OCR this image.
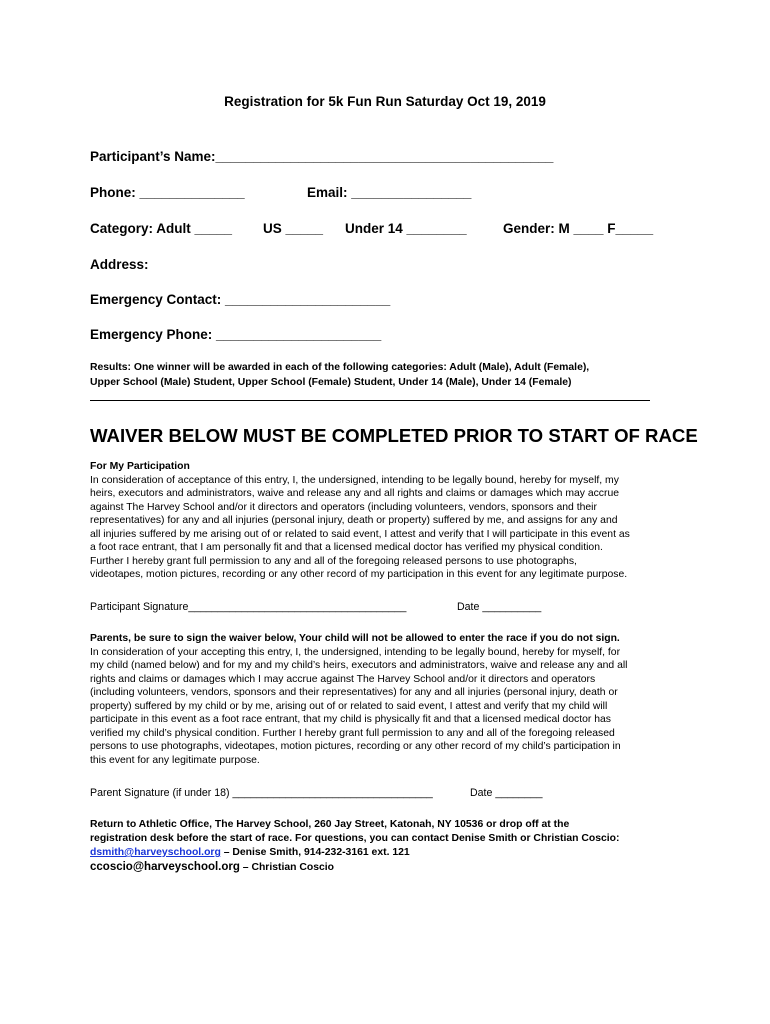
Registration for 5k Fun Run Saturday Oct 19, 2019
Participant’s Name:_____________________________________________
Phone: ______________	Email: ________________
Category: Adult _____ US _____ Under 14 ________	Gender: M ____ F_____
Address:
Emergency Contact: ______________________
Emergency Phone: ______________________
Results: One winner will be awarded in each of the following categories: Adult (Male), Adult (Female),
Upper School (Male) Student, Upper School (Female) Student, Under 14 (Male), Under 14 (Female)
WAIVER BELOW MUST BE COMPLETED PRIOR TO START OF RACE
For My Participation
In consideration of acceptance of this entry, I, the undersigned, intending to be legally bound, hereby for myself, my
heirs, executors and administrators, waive and release any and all rights and claims or damages which may accrue
against The Harvey School and/or it directors and operators (including volunteers, vendors, sponsors and their
representatives) for any and all injuries (personal injury, death or property) suffered by me, and assigns for any and
all injuries suffered by me arising out of or related to said event, I attest and verify that I will participate in this event as
a foot race entrant, that I am personally fit and that a licensed medical doctor has verified my physical condition.
Further I hereby grant full permission to any and all of the foregoing released persons to use photographs,
videotapes, motion pictures, recording or any other record of my participation in this event for any legitimate purpose.
Participant Signature_____________________________________	Date __________
Parents, be sure to sign the waiver below, Your child will not be allowed to enter the race if you do not sign.
In consideration of your accepting this entry, I, the undersigned, intending to be legally bound, hereby for myself, for
my child (named below) and for my and my child’s heirs, executors and administrators, waive and release any and all
rights and claims or damages which I may accrue against The Harvey School and/or it directors and operators
(including volunteers, vendors, sponsors and their representatives) for any and all injuries (personal injury, death or
property) suffered by my child or by me, arising out of or related to said event, I attest and verify that my child will
participate in this event as a foot race entrant, that my child is physically fit and that a licensed medical doctor has
verified my child’s physical condition. Further I hereby grant full permission to any and all of the foregoing released
persons to use photographs, videotapes, motion pictures, recording or any other record of my child’s participation in
this event for any legitimate purpose.
Parent Signature (if under 18) __________________________________	Date ________
Return to Athletic Office, The Harvey School, 260 Jay Street, Katonah, NY 10536 or drop off at the
registration desk before the start of race. For questions, you can contact Denise Smith or Christian Coscio:
dsmith@harveyschool.org – Denise Smith, 914-232-3161 ext. 121
ccoscio@harveyschool.org – Christian Coscio
